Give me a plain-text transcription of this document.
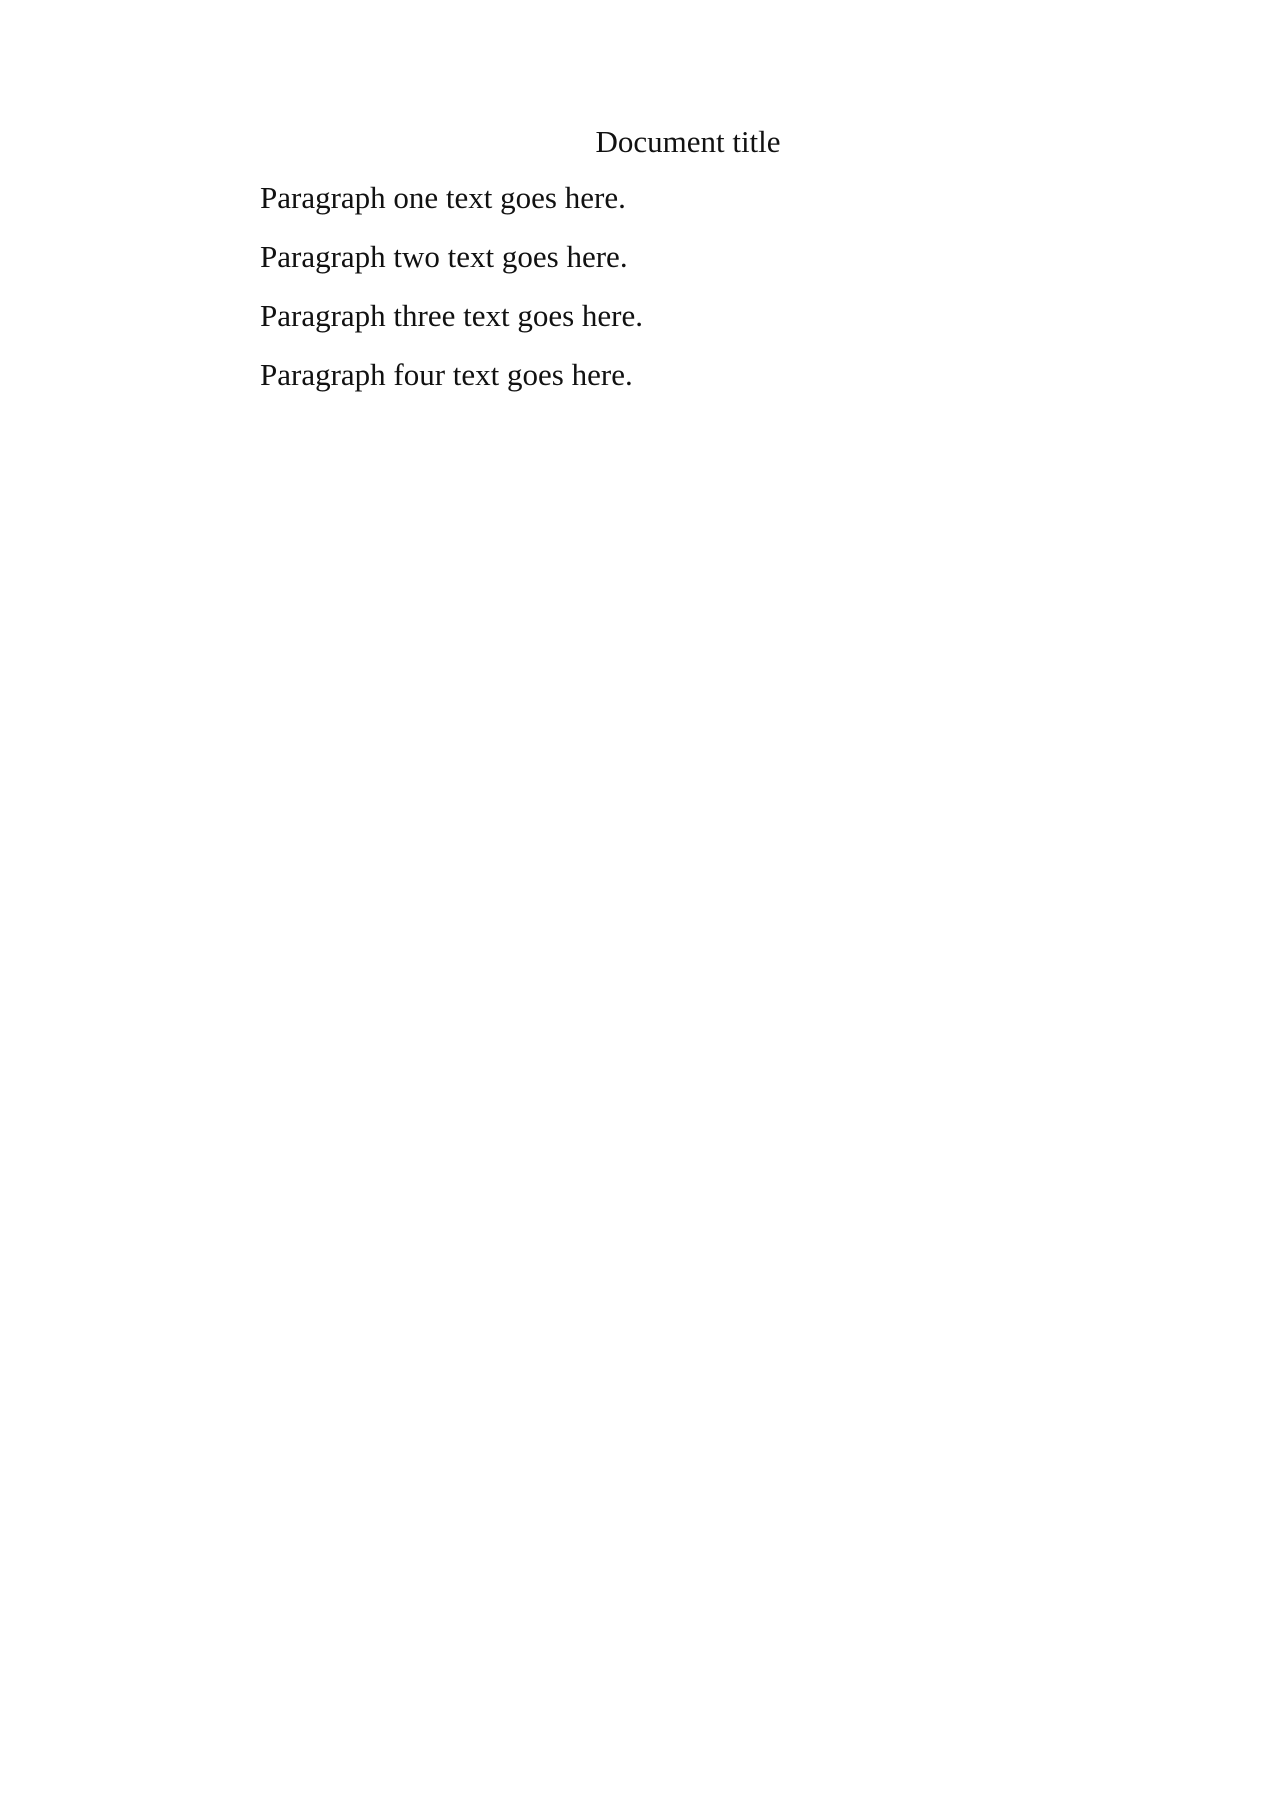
Document title

Paragraph one text goes here.

Paragraph two text goes here.

Paragraph three text goes here.

Paragraph four text goes here.
